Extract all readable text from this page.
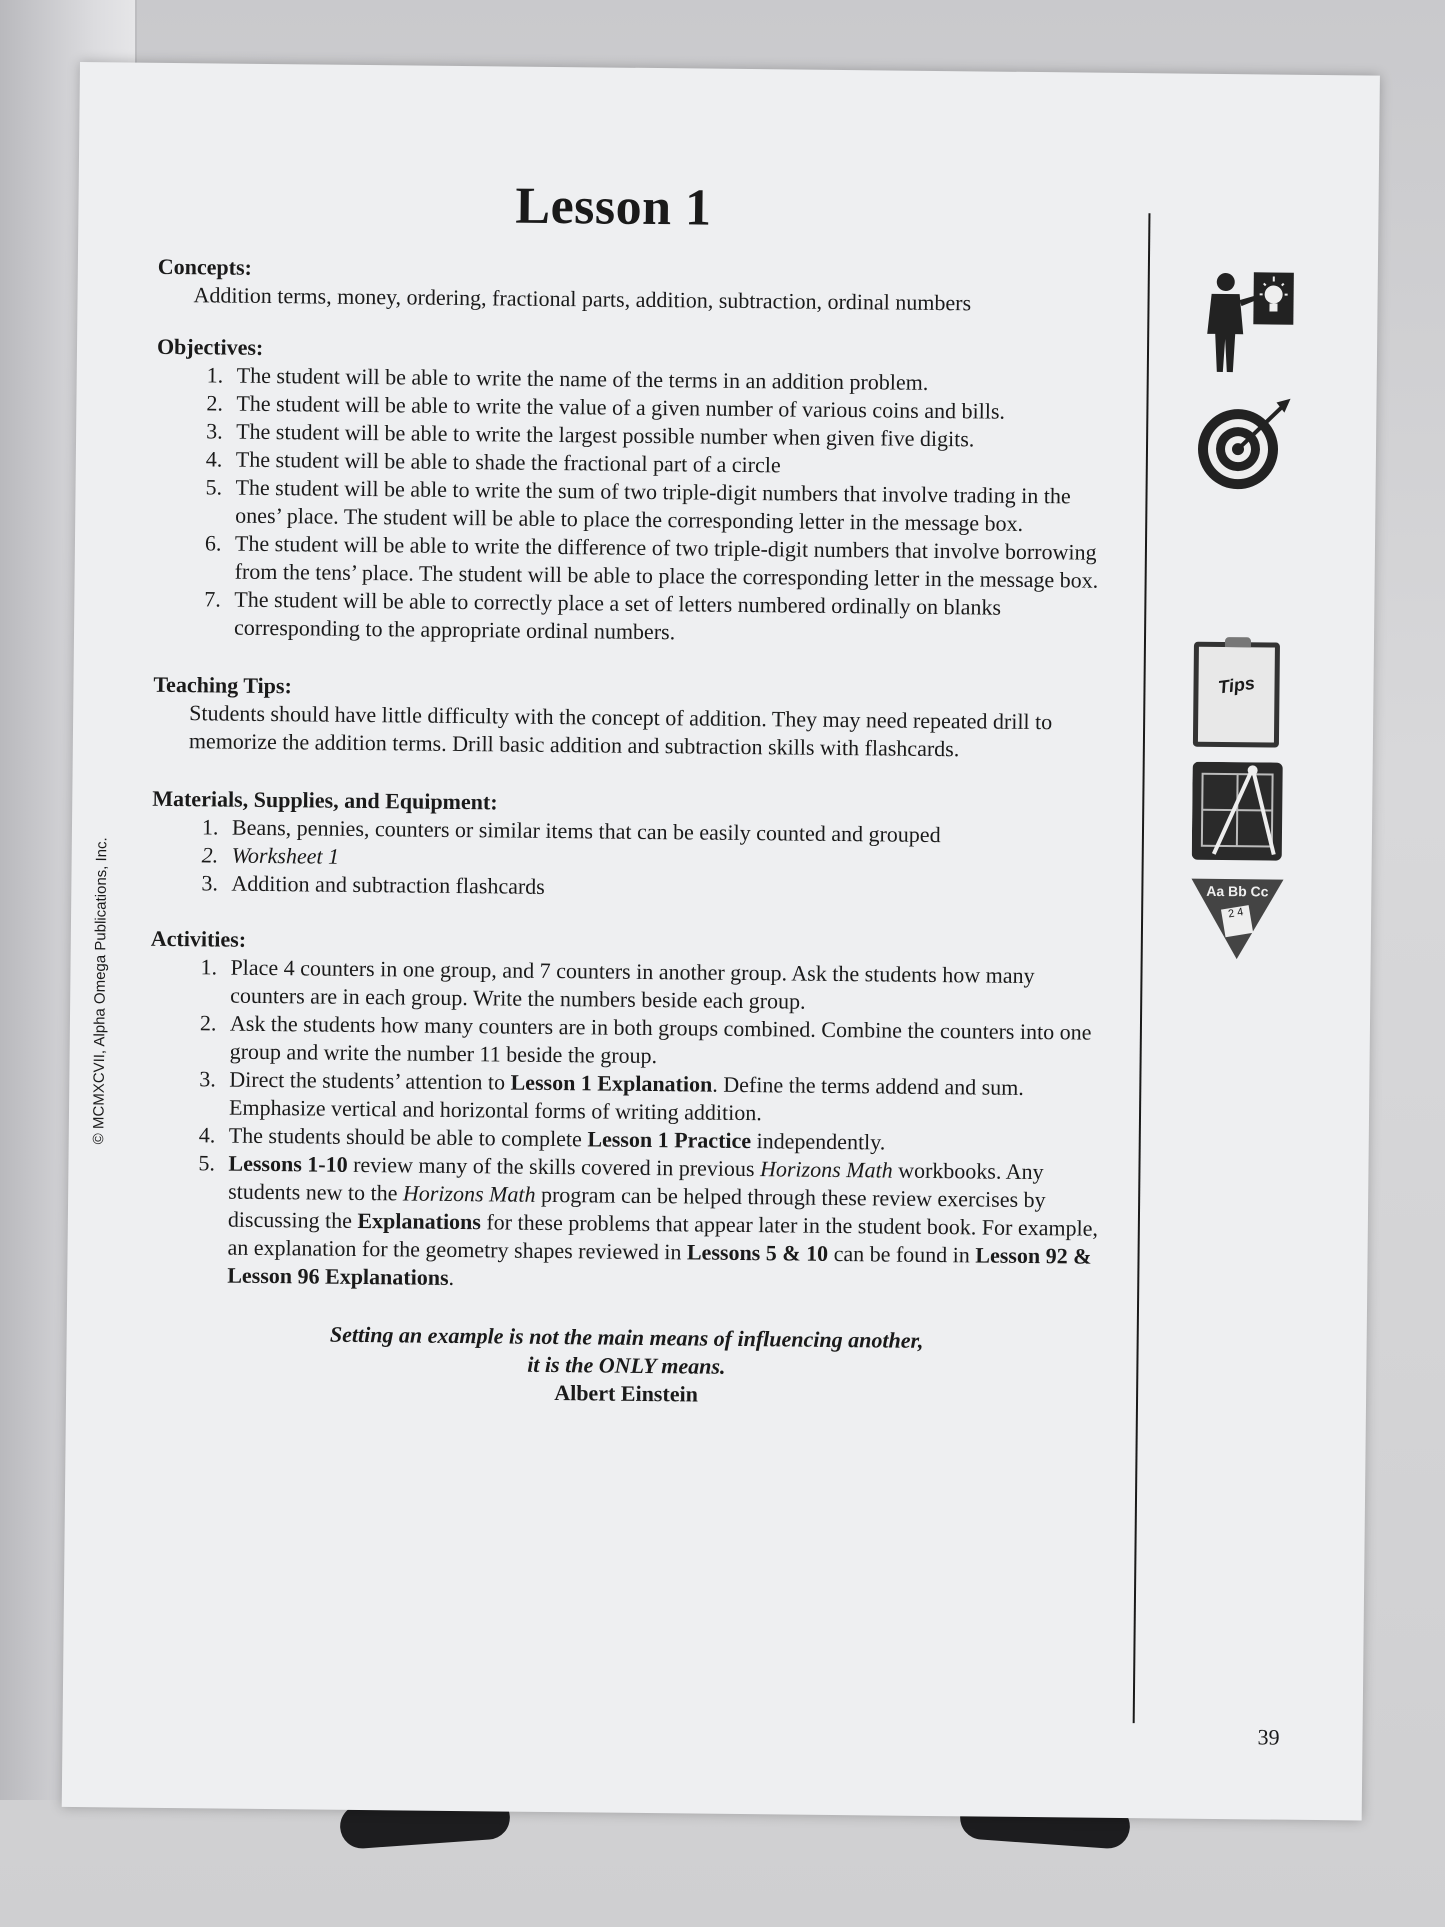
© MCMXCVII, Alpha Omega Publications, Inc.
Lesson 1
Concepts:
Addition terms, money, ordering, fractional parts, addition, subtraction, ordinal numbers
Objectives:
1. The student will be able to write the name of the terms in an addition problem.
2. The student will be able to write the value of a given number of various coins and bills.
3. The student will be able to write the largest possible number when given five digits.
4. The student will be able to shade the fractional part of a circle
5. The student will be able to write the sum of two triple-digit numbers that involve trading in the ones’ place. The student will be able to place the corresponding letter in the message box.
6. The student will be able to write the difference of two triple-digit numbers that involve borrowing from the tens’ place. The student will be able to place the corresponding letter in the message box.
7. The student will be able to correctly place a set of letters numbered ordinally on blanks corresponding to the appropriate ordinal numbers.
Teaching Tips:
Students should have little difficulty with the concept of addition. They may need repeated drill to memorize the addition terms. Drill basic addition and subtraction skills with flashcards.
Materials, Supplies, and Equipment:
1. Beans, pennies, counters or similar items that can be easily counted and grouped
2. Worksheet 1
3. Addition and subtraction flashcards
Activities:
1. Place 4 counters in one group, and 7 counters in another group. Ask the students how many counters are in each group. Write the numbers beside each group.
2. Ask the students how many counters are in both groups combined. Combine the counters into one group and write the number 11 beside the group.
3. Direct the students’ attention to Lesson 1 Explanation. Define the terms addend and sum. Emphasize vertical and horizontal forms of writing addition.
4. The students should be able to complete Lesson 1 Practice independently.
5. Lessons 1-10 review many of the skills covered in previous Horizons Math workbooks. Any students new to the Horizons Math program can be helped through these review exercises by discussing the Explanations for these problems that appear later in the student book. For example, an explanation for the geometry shapes reviewed in Lessons 5 & 10 can be found in Lesson 92 & Lesson 96 Explanations.
Setting an example is not the main means of influencing another,
it is the ONLY means.
Albert Einstein
Tips
Aa Bb Cc
2 4
39
